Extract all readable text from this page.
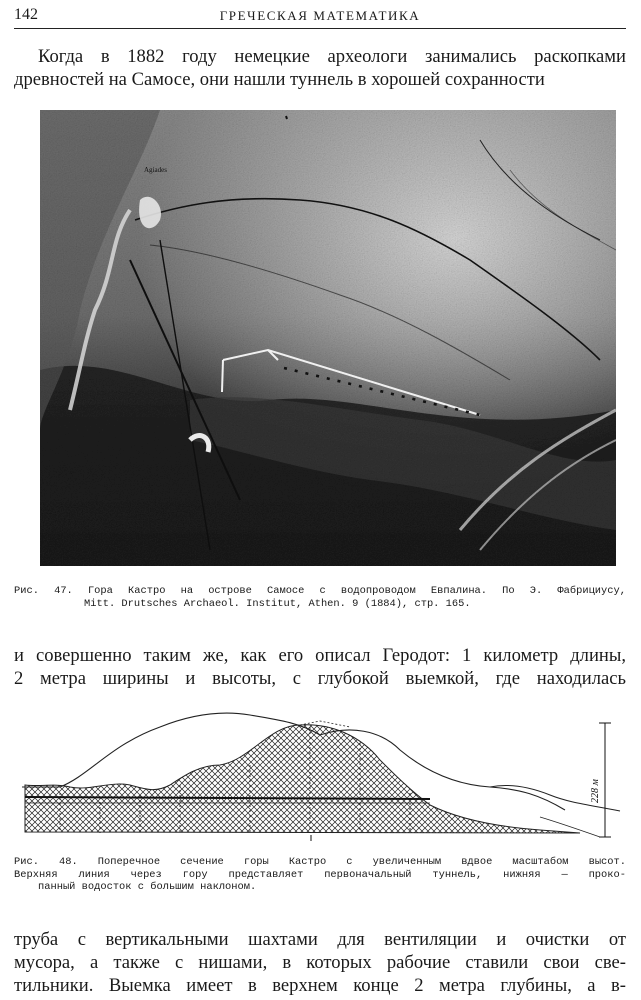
142	ГРЕЧЕСКАЯ МАТЕМАТИКА
Когда в 1882 году немецкие археологи занимались раскопками
древностей на Самосе, они нашли туннель в хорошей сохранности
Agiades
Рис. 47. Гора Кастро на острове Самосе с водопроводом Евпалина. По Э. Фабрициусу,
Mitt. Drutsches Archaeol. Institut, Athen. 9 (1884), стр. 165.
и совершенно таким же, как его описал Геродот: 1 километр длины,
2 метра ширины и высоты, с глубокой выемкой, где находилась
228 м
Рис. 48. Поперечное сечение горы Кастро с увеличенным вдвое масштабом высот.
Верхняя линия через гору представляет первоначальный туннель, нижняя — проко-
панный водосток с большим наклоном.
труба с вертикальными шахтами для вентиляции и очистки от
мусора, а также с нишами, в которых рабочие ставили свои све-
тильники. Выемка имеет в верхнем конце 2 метра глубины, а в-
